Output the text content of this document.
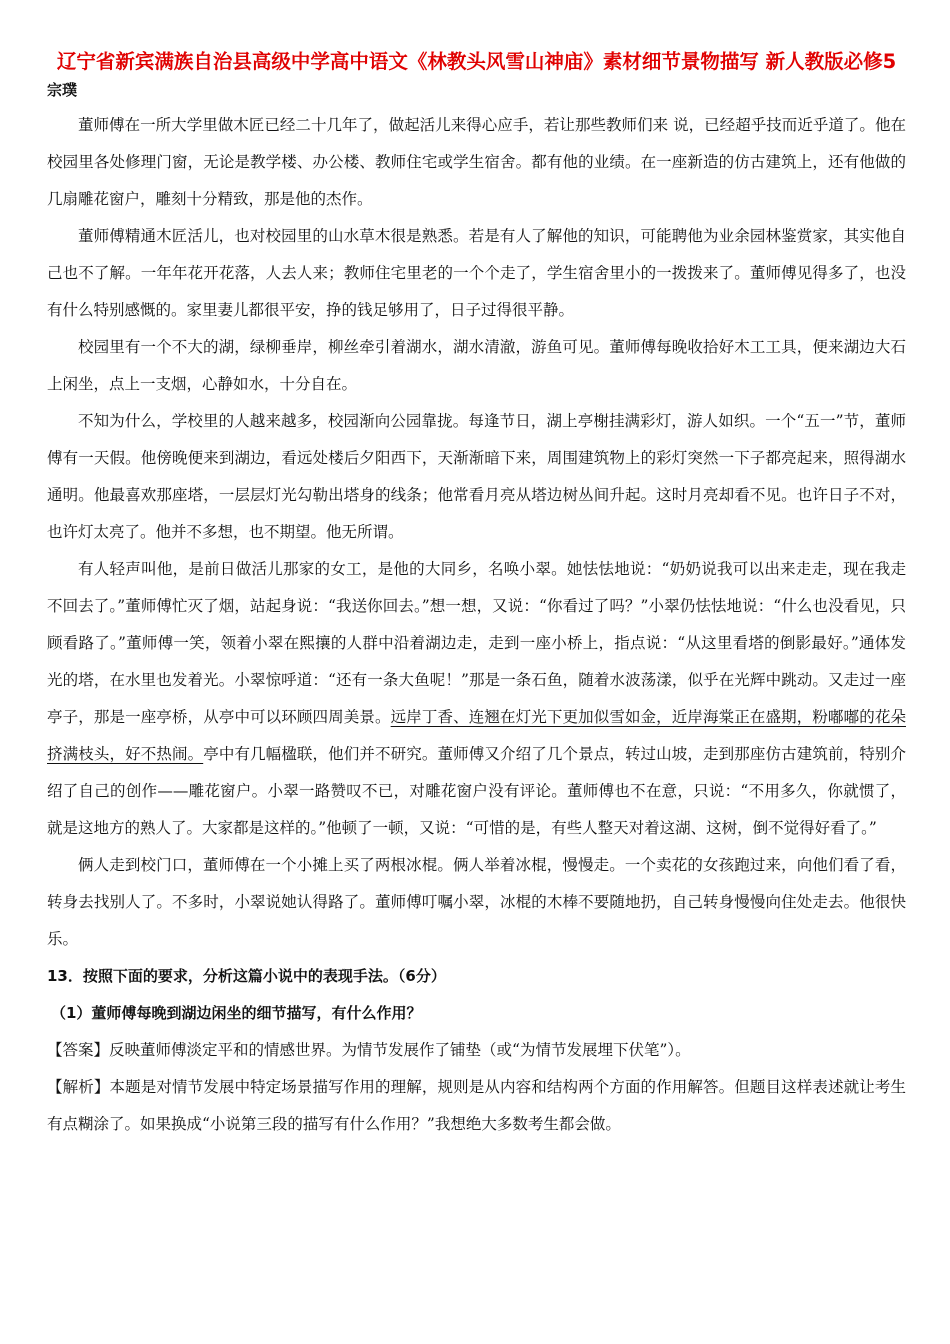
辽宁省新宾满族自治县高级中学高中语文《林教头风雪山神庙》素材细节景物描写 新人教版必修5
宗璞

董师傅在一所大学里做木匠已经二十几年了，做起活儿来得心应手，若让那些教师们来 说，已经超乎技而近乎道了。他在校园里各处修理门窗，无论是教学楼、办公楼、教师住宅或学生宿舍。都有他的业绩。在一座新造的仿古建筑上，还有他做的几扇雕花窗户，雕刻十分精致，那是他的杰作。

董师傅精通木匠活儿，也对校园里的山水草木很是熟悉。若是有人了解他的知识，可能聘他为业余园林鉴赏家，其实他自己也不了解。一年年花开花落，人去人来；教师住宅里老的一个个走了，学生宿舍里小的一拨拨来了。董师傅见得多了，也没有什么特别感慨的。家里妻儿都很平安，挣的钱足够用了，日子过得很平静。

校园里有一个不大的湖，绿柳垂岸，柳丝牵引着湖水，湖水清澈，游鱼可见。董师傅每晚收拾好木工工具，便来湖边大石上闲坐，点上一支烟，心静如水，十分自在。

不知为什么，学校里的人越来越多，校园渐向公园靠拢。每逢节日，湖上亭榭挂满彩灯，游人如织。一个“五一”节，董师傅有一天假。他傍晚便来到湖边，看远处楼后夕阳西下，天渐渐暗下来，周围建筑物上的彩灯突然一下子都亮起来，照得湖水通明。他最喜欢那座塔，一层层灯光勾勒出塔身的线条；他常看月亮从塔边树丛间升起。这时月亮却看不见。也许日子不对，也许灯太亮了。他并不多想，也不期望。他无所谓。

有人轻声叫他，是前日做活儿那家的女工，是他的大同乡，名唤小翠。她怯怯地说：“奶奶说我可以出来走走，现在我走不回去了。”董师傅忙灭了烟，站起身说：“我送你回去。”想一想，又说：“你看过了吗？”小翠仍怯怯地说：“什么也没看见，只顾看路了。”董师傅一笑，领着小翠在熙攘的人群中沿着湖边走，走到一座小桥上，指点说：“从这里看塔的倒影最好。”通体发光的塔，在水里也发着光。小翠惊呼道：“还有一条大鱼呢！”那是一条石鱼，随着水波荡漾，似乎在光辉中跳动。又走过一座亭子，那是一座亭桥，从亭中可以环顾四周美景。远岸丁香、连翘在灯光下更加似雪如金，近岸海棠正在盛期，粉嘟嘟的花朵挤满枝头，好不热闹。亭中有几幅楹联，他们并不研究。董师傅又介绍了几个景点，转过山坡，走到那座仿古建筑前，特别介绍了自己的创作——雕花窗户。小翠一路赞叹不已，对雕花窗户没有评论。董师傅也不在意，只说：“不用多久，你就惯了，就是这地方的熟人了。大家都是这样的。”他顿了一顿，又说：“可惜的是，有些人整天对着这湖、这树，倒不觉得好看了。”

俩人走到校门口，董师傅在一个小摊上买了两根冰棍。俩人举着冰棍，慢慢走。一个卖花的女孩跑过来，向他们看了看，转身去找别人了。不多时，小翠说她认得路了。董师傅叮嘱小翠，冰棍的木棒不要随地扔，自己转身慢慢向住处走去。他很快乐。

13．按照下面的要求，分析这篇小说中的表现手法。（6分）

（1）董师傅每晚到湖边闲坐的细节描写，有什么作用？

【答案】反映董师傅淡定平和的情感世界。为情节发展作了铺垫（或“为情节发展埋下伏笔”）。

【解析】本题是对情节发展中特定场景描写作用的理解，规则是从内容和结构两个方面的作用解答。但题目这样表述就让考生有点糊涂了。如果换成“小说第三段的描写有什么作用？”我想绝大多数考生都会做。
